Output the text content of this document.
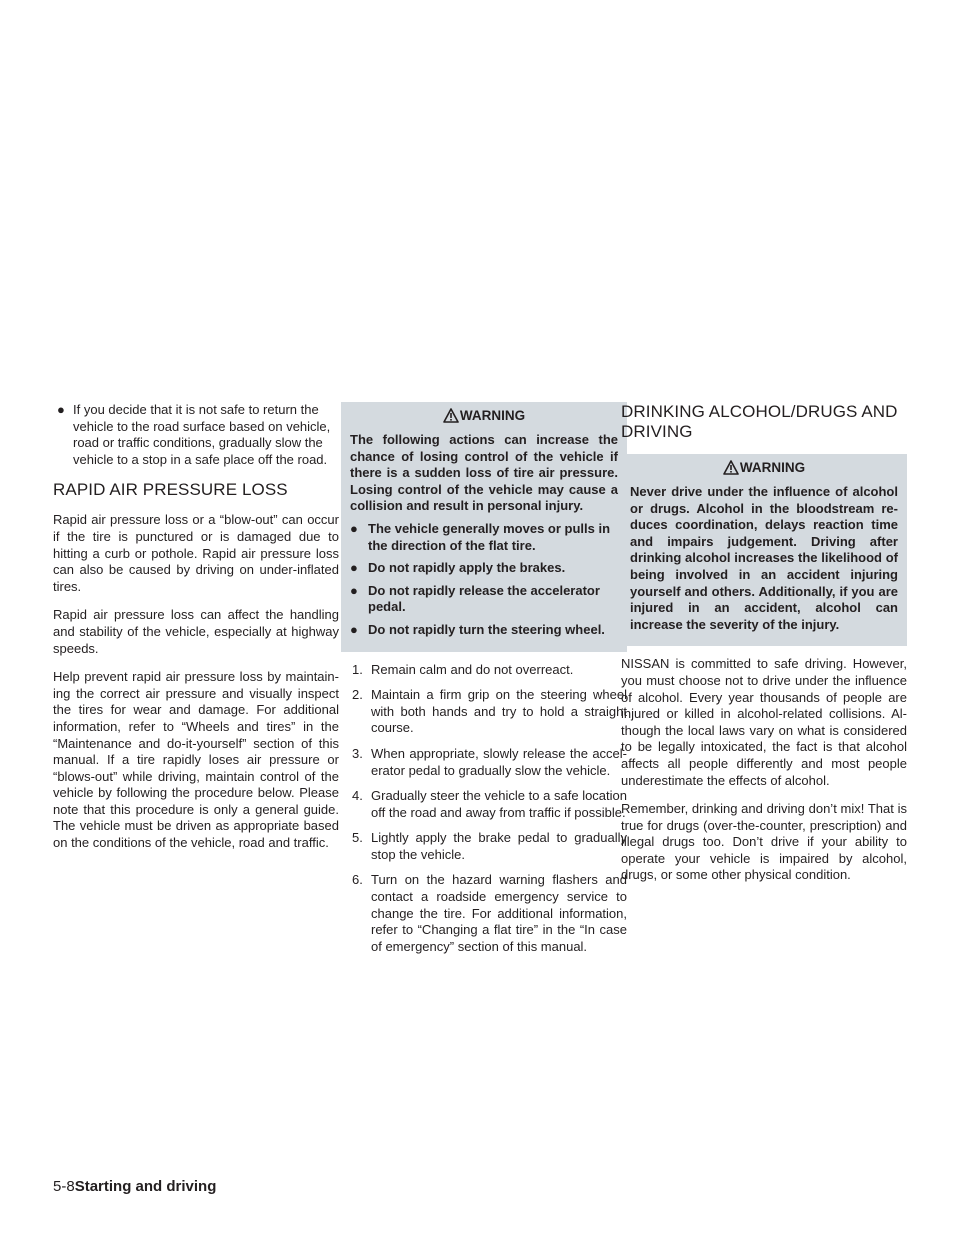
● If you decide that it is not safe to return the vehicle to the road surface based on vehicle, road or traffic conditions, gradually slow the vehicle to a stop in a safe place off the road.
RAPID AIR PRESSURE LOSS

Rapid air pressure loss or a “blow-out” can occur if the tire is punctured or is damaged due to hitting a curb or pothole. Rapid air pressure loss can also be caused by driving on under-inflated tires.

Rapid air pressure loss can affect the handling and stability of the vehicle, especially at highway speeds.

Help prevent rapid air pressure loss by maintain-ing the correct air pressure and visually inspect the tires for wear and damage. For additional information, refer to “Wheels and tires” in the “Maintenance and do-it-yourself” section of this manual. If a tire rapidly loses air pressure or “blows-out” while driving, maintain control of the vehicle by following the procedure below. Please note that this procedure is only a general guide. The vehicle must be driven as appropriate based on the conditions of the vehicle, road and traffic.

WARNING

The following actions can increase the chance of losing control of the vehicle if there is a sudden loss of tire air pressure. Losing control of the vehicle may cause a collision and result in personal injury.

● The vehicle generally moves or pulls in the direction of the flat tire.
● Do not rapidly apply the brakes.
● Do not rapidly release the accelerator pedal.
● Do not rapidly turn the steering wheel.
1. Remain calm and do not overreact.
2. Maintain a firm grip on the steering wheel with both hands and try to hold a straight course.
3. When appropriate, slowly release the accel-erator pedal to gradually slow the vehicle.
4. Gradually steer the vehicle to a safe location off the road and away from traffic if possible.
5. Lightly apply the brake pedal to gradually stop the vehicle.
6. Turn on the hazard warning flashers and contact a roadside emergency service to change the tire. For additional information, refer to “Changing a flat tire” in the “In case of emergency” section of this manual.
DRINKING ALCOHOL/DRUGS AND DRIVING
WARNING

Never drive under the influence of alcohol or drugs. Alcohol in the bloodstream re-duces coordination, delays reaction time and impairs judgement. Driving after drinking alcohol increases the likelihood of being involved in an accident injuring yourself and others. Additionally, if you are injured in an accident, alcohol can increase the severity of the injury.

NISSAN is committed to safe driving. However, you must choose not to drive under the influence of alcohol. Every year thousands of people are injured or killed in alcohol-related collisions. Al-though the local laws vary on what is considered to be legally intoxicated, the fact is that alcohol affects all people differently and most people underestimate the effects of alcohol.

Remember, drinking and driving don’t mix! That is true for drugs (over-the-counter, prescription) and illegal drugs too. Don’t drive if your ability to operate your vehicle is impaired by alcohol, drugs, or some other physical condition.

5-8Starting and driving
